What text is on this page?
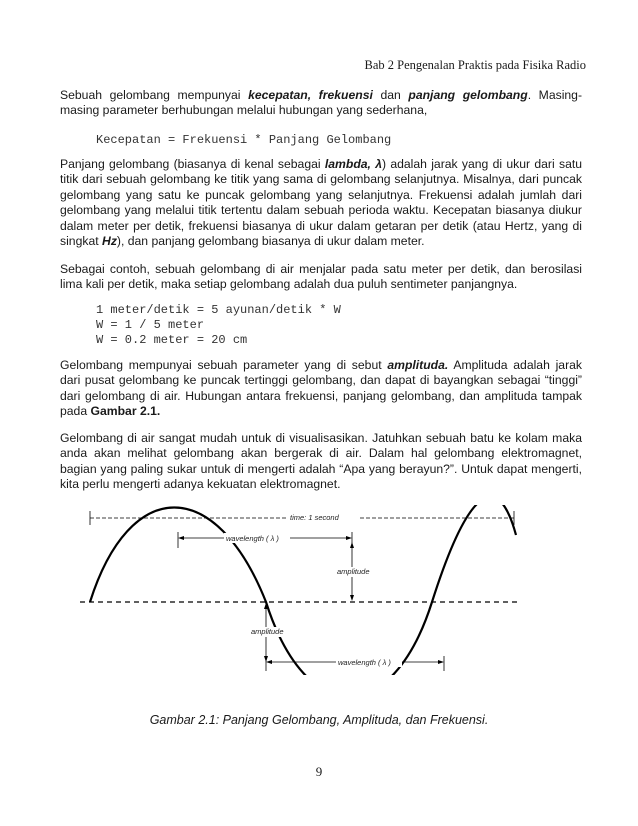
Bab 2 Pengenalan Praktis pada Fisika Radio

Sebuah gelombang mempunyai kecepatan, frekuensi dan panjang gelombang. Masing-masing parameter berhubungan melalui hubungan yang sederhana,

Kecepatan = Frekuensi * Panjang Gelombang

Panjang gelombang (biasanya di kenal sebagai lambda, λ) adalah jarak yang di ukur dari satu titik dari sebuah gelombang ke titik yang sama di gelombang selanjutnya. Misalnya, dari puncak gelombang yang satu ke puncak gelombang yang selanjutnya. Frekuensi adalah jumlah dari gelombang yang melalui titik tertentu dalam sebuah perioda waktu. Kecepatan biasanya diukur dalam meter per detik, frekuensi biasanya di ukur dalam getaran per detik (atau Hertz, yang di singkat Hz), dan panjang gelombang biasanya di ukur dalam meter.

Sebagai contoh, sebuah gelombang di air menjalar pada satu meter per detik, dan berosilasi lima kali per detik, maka setiap gelombang adalah dua puluh sentimeter panjangnya.

1 meter/detik = 5 ayunan/detik * W
W = 1 / 5 meter
W = 0.2 meter = 20 cm

Gelombang mempunyai sebuah parameter yang di sebut amplituda. Amplituda adalah jarak dari pusat gelombang ke puncak tertinggi gelombang, dan dapat di bayangkan sebagai “tinggi” dari gelombang di air. Hubungan antara frekuensi, panjang gelombang, dan amplituda tampak pada Gambar 2.1.

Gelombang di air sangat mudah untuk di visualisasikan. Jatuhkan sebuah batu ke kolam maka anda akan melihat gelombang akan bergerak di air. Dalam hal gelombang elektromagnet, bagian yang paling sukar untuk di mengerti adalah “Apa yang berayun?”. Untuk dapat mengerti, kita perlu mengerti adanya kekuatan elektromagnet.

time: 1 second
wavelength ( λ )
wavelength ( λ )
amplitude
amplitude
Gambar 2.1: Panjang Gelombang, Amplituda, dan Frekuensi.
9
